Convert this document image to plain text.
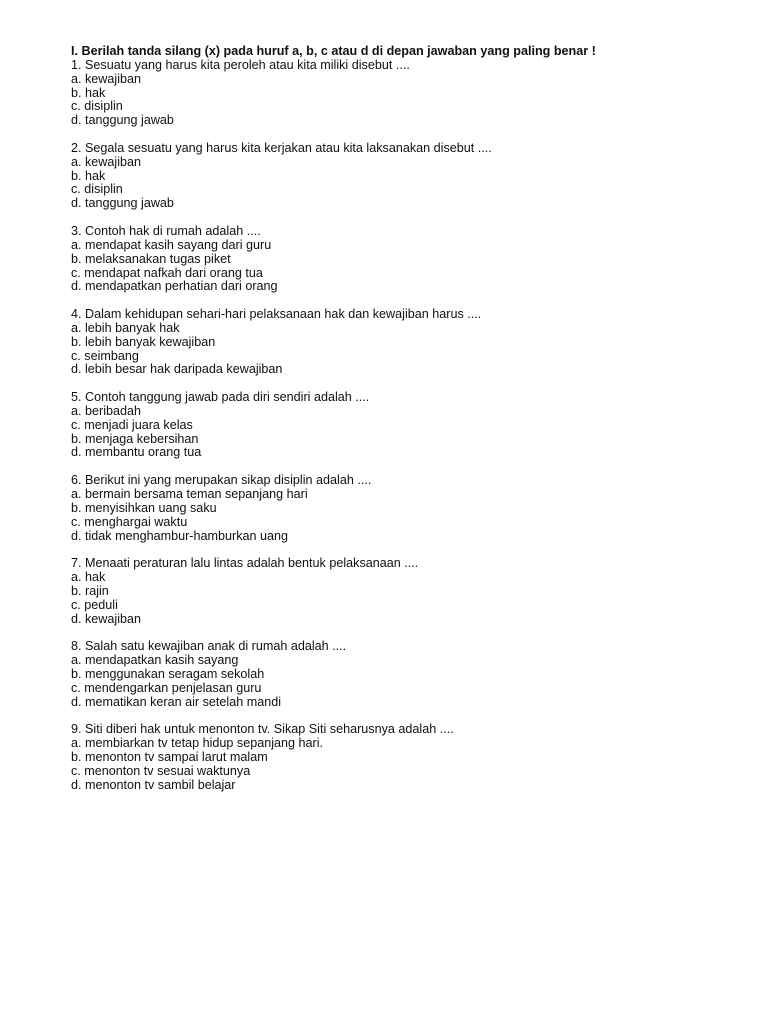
I. Berilah tanda silang (x) pada huruf a, b, c atau d di depan jawaban yang paling benar !
1. Sesuatu yang harus kita peroleh atau kita miliki disebut ....
a. kewajiban
b. hak
c. disiplin
d. tanggung jawab
2. Segala sesuatu yang harus kita kerjakan atau kita laksanakan disebut ....
a. kewajiban
b. hak
c. disiplin
d. tanggung jawab
3. Contoh hak di rumah adalah ....
a. mendapat kasih sayang dari guru
b. melaksanakan tugas piket
c. mendapat nafkah dari orang tua
d. mendapatkan perhatian dari orang
4. Dalam kehidupan sehari-hari pelaksanaan hak dan kewajiban harus ....
a. lebih banyak hak
b. lebih banyak kewajiban
c. seimbang
d. lebih besar hak daripada kewajiban
5. Contoh tanggung jawab pada diri sendiri adalah ....
a. beribadah
c. menjadi juara kelas
b. menjaga kebersihan
d. membantu orang tua
6. Berikut ini yang merupakan sikap disiplin adalah ....
a. bermain bersama teman sepanjang hari
b. menyisihkan uang saku
c. menghargai waktu
d. tidak menghambur-hamburkan uang
7. Menaati peraturan lalu lintas adalah bentuk pelaksanaan ....
a. hak
b. rajin
c. peduli
d. kewajiban
8. Salah satu kewajiban anak di rumah adalah ....
a. mendapatkan kasih sayang
b. menggunakan seragam sekolah
c. mendengarkan penjelasan guru
d. mematikan keran air setelah mandi
9. Siti diberi hak untuk menonton tv. Sikap Siti seharusnya adalah ....
a. membiarkan tv tetap hidup sepanjang hari.
b. menonton tv sampai larut malam
c. menonton tv sesuai waktunya
d. menonton tv sambil belajar
